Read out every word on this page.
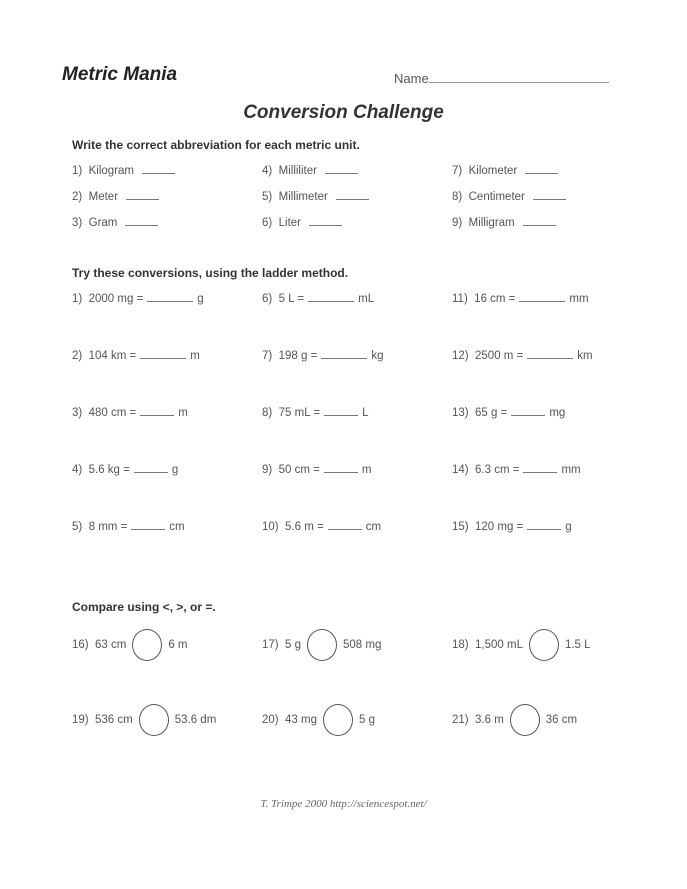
Metric Mania	Name
Conversion Challenge
Write the correct abbreviation for each metric unit.
1) Kilogram
2) Meter
3) Gram
4) Milliliter
5) Millimeter
6) Liter
7) Kilometer
8) Centimeter
9) Milligram
Try these conversions, using the ladder method.
1) 2000 mg =	g
2) 104 km =	m
3) 480 cm =	m
4) 5.6 kg =	g
5) 8 mm =	cm
6) 5 L =	mL
7) 198 g =	kg
8) 75 mL =	L
9) 50 cm =	m
10) 5.6 m =	cm
11) 16 cm =	mm
12) 2500 m =	km
13) 65 g =	mg
14) 6.3 cm =	mm
15) 120 mg =	g
Compare using <, >, or =.
16) 63 cm	6 m	17) 5 g	508 mg	18) 1,500 mL	1.5 L
19) 536 cm	53.6 dm	20) 43 mg	5 g	21) 3.6 m	36 cm
T. Trimpe 2000 http://sciencespot.net/
